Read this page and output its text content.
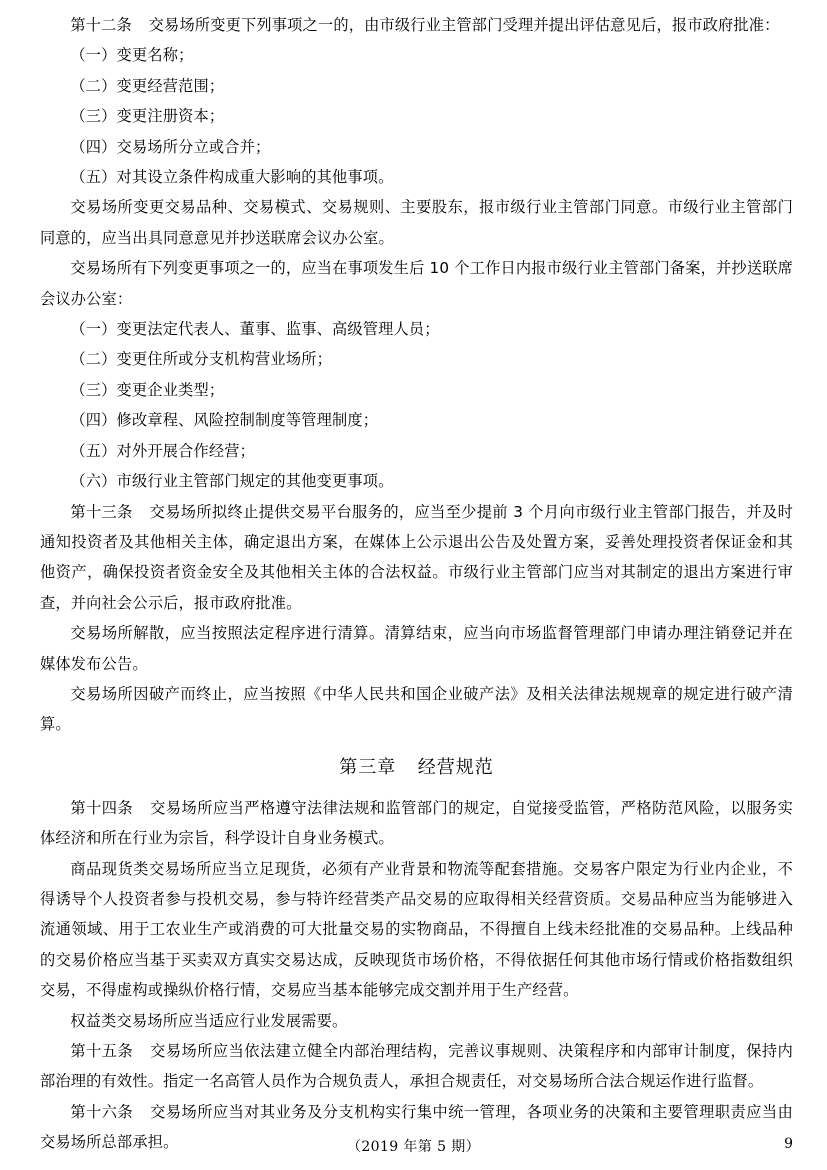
第十二条 交易场所变更下列事项之一的，由市级行业主管部门受理并提出评估意见后，报市政府批准：

（一）变更名称；

（二）变更经营范围；

（三）变更注册资本；

（四）交易场所分立或合并；

（五）对其设立条件构成重大影响的其他事项。

交易场所变更交易品种、交易模式、交易规则、主要股东，报市级行业主管部门同意。市级行业主管部门同意的，应当出具同意意见并抄送联席会议办公室。

交易场所有下列变更事项之一的，应当在事项发生后 10 个工作日内报市级行业主管部门备案，并抄送联席会议办公室：

（一）变更法定代表人、董事、监事、高级管理人员；

（二）变更住所或分支机构营业场所；

（三）变更企业类型；

（四）修改章程、风险控制制度等管理制度；

（五）对外开展合作经营；

（六）市级行业主管部门规定的其他变更事项。

第十三条 交易场所拟终止提供交易平台服务的，应当至少提前 3 个月向市级行业主管部门报告，并及时通知投资者及其他相关主体，确定退出方案，在媒体上公示退出公告及处置方案，妥善处理投资者保证金和其他资产，确保投资者资金安全及其他相关主体的合法权益。市级行业主管部门应当对其制定的退出方案进行审查，并向社会公示后，报市政府批准。

交易场所解散，应当按照法定程序进行清算。清算结束，应当向市场监督管理部门申请办理注销登记并在媒体发布公告。

交易场所因破产而终止，应当按照《中华人民共和国企业破产法》及相关法律法规规章的规定进行破产清算。

第三章 经营规范

第十四条 交易场所应当严格遵守法律法规和监管部门的规定，自觉接受监管，严格防范风险，以服务实体经济和所在行业为宗旨，科学设计自身业务模式。

商品现货类交易场所应当立足现货，必须有产业背景和物流等配套措施。交易客户限定为行业内企业，不得诱导个人投资者参与投机交易，参与特许经营类产品交易的应取得相关经营资质。交易品种应当为能够进入流通领域、用于工农业生产或消费的可大批量交易的实物商品，不得擅自上线未经批准的交易品种。上线品种的交易价格应当基于买卖双方真实交易达成，反映现货市场价格，不得依据任何其他市场行情或价格指数组织交易，不得虚构或操纵价格行情，交易应当基本能够完成交割并用于生产经营。

权益类交易场所应当适应行业发展需要。

第十五条 交易场所应当依法建立健全内部治理结构，完善议事规则、决策程序和内部审计制度，保持内部治理的有效性。指定一名高管人员作为合规负责人，承担合规责任，对交易场所合法合规运作进行监督。

第十六条 交易场所应当对其业务及分支机构实行集中统一管理，各项业务的决策和主要管理职责应当由交易场所总部承担。	（2019 年第 5 期）	9
